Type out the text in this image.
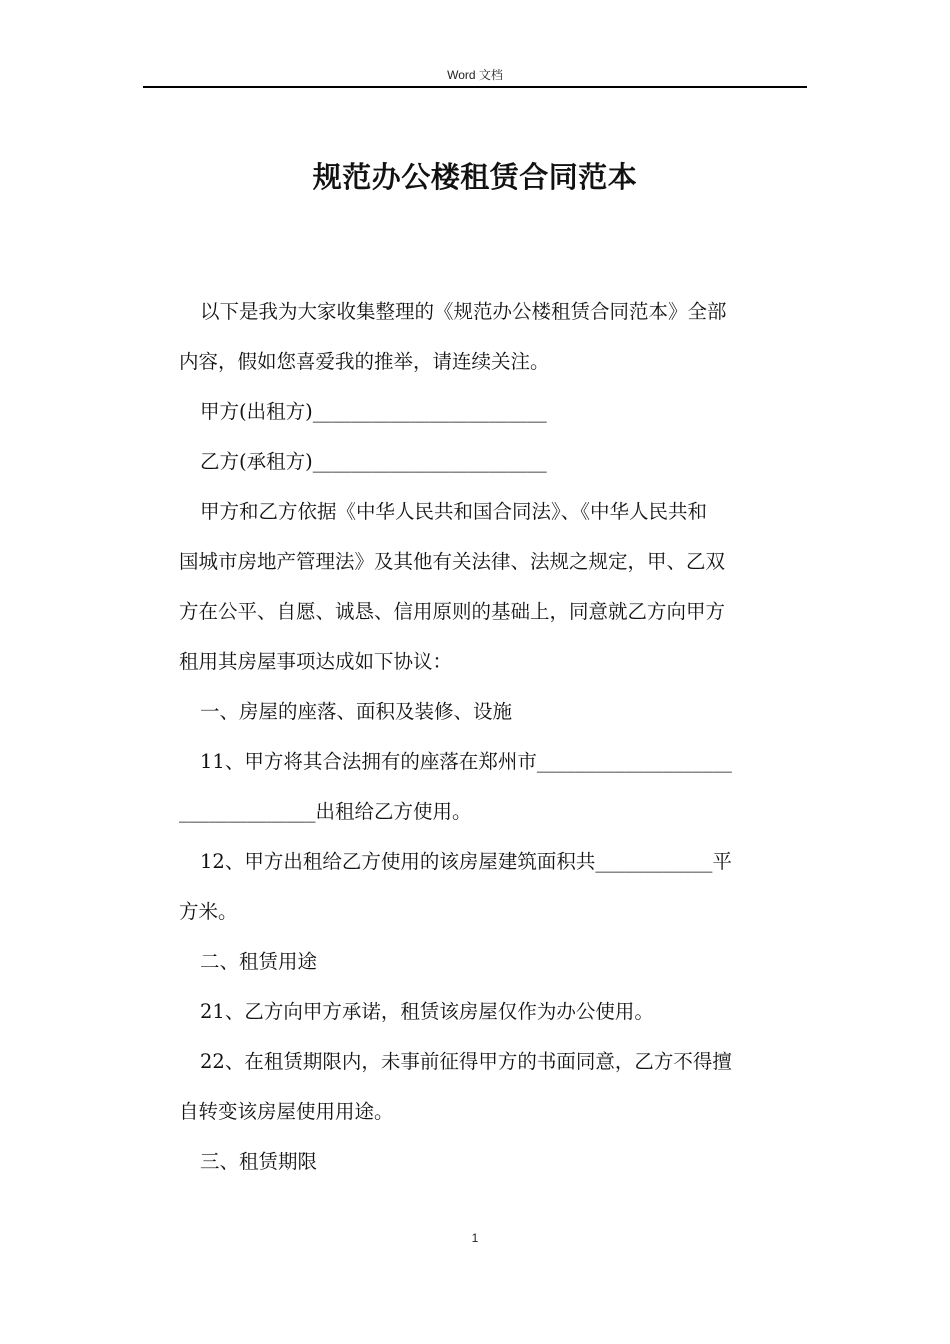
Word 文档
规范办公楼租赁合同范本

以下是我为大家收集整理的《规范办公楼租赁合同范本》全部

内容，假如您喜爱我的推举，请连续关注。

甲方(出租方)________________________

乙方(承租方)________________________

甲方和乙方依据《中华人民共和国合同法》、《中华人民共和

国城市房地产管理法》及其他有关法律、法规之规定，甲、乙双

方在公平、自愿、诚恳、信用原则的基础上，同意就乙方向甲方

租用其房屋事项达成如下协议：

一、房屋的座落、面积及装修、设施

11、甲方将其合法拥有的座落在郑州市____________________

______________出租给乙方使用。

12、甲方出租给乙方使用的该房屋建筑面积共____________平

方米。

二、租赁用途

21、乙方向甲方承诺，租赁该房屋仅作为办公使用。

22、在租赁期限内，未事前征得甲方的书面同意，乙方不得擅

自转变该房屋使用用途。

三、租赁期限

1
